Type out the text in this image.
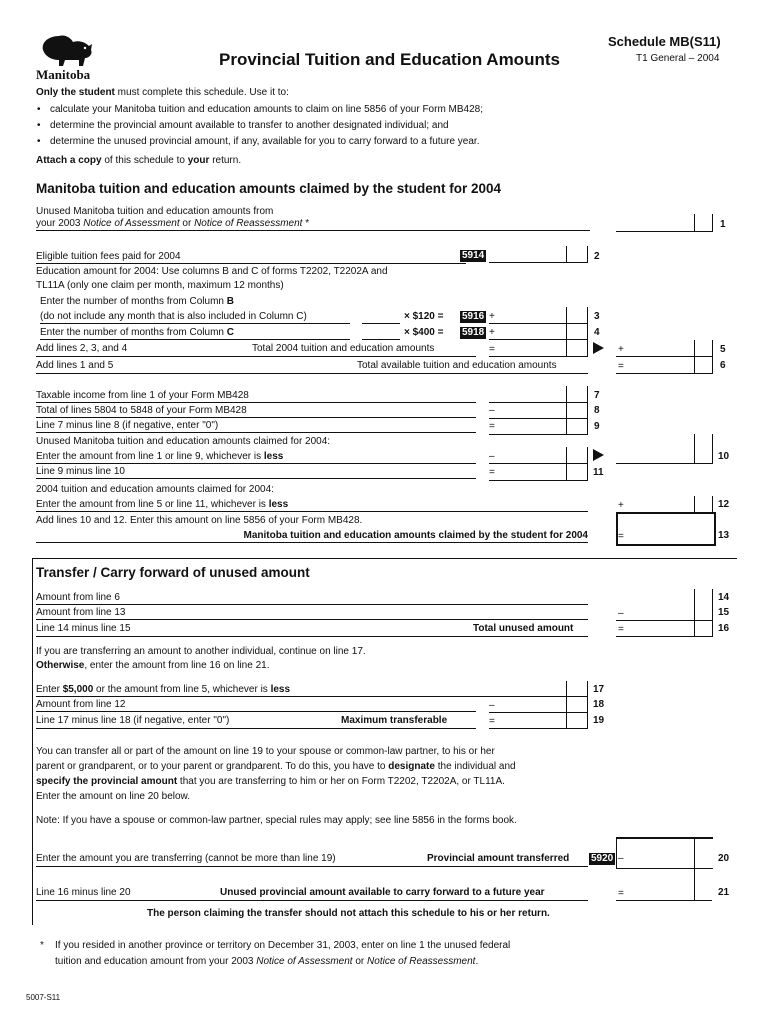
Manitoba
Provincial Tuition and Education Amounts
Schedule MB(S11)
T1 General – 2004
Only the student must complete this schedule. Use it to:
• calculate your Manitoba tuition and education amounts to claim on line 5856 of your Form MB428;
• determine the provincial amount available to transfer to another designated individual; and
• determine the unused provincial amount, if any, available for you to carry forward to a future year.
Attach a copy of this schedule to your return.
Manitoba tuition and education amounts claimed by the student for 2004
Unused Manitoba tuition and education amounts from
your 2003 Notice of Assessment or Notice of Reassessment *	1
Eligible tuition fees paid for 2004	5914	2
Education amount for 2004: Use columns B and C of forms T2202, T2202A and
TL11A (only one claim per month, maximum 12 months)
Enter the number of months from Column B
(do not include any month that is also included in Column C)	× $120 = 5916 +	3
Enter the number of months from Column C	× $400 = 5918 +	4
Add lines 2, 3, and 4	Total 2004 tuition and education amounts	=	+	5
Add lines 1 and 5	Total available tuition and education amounts	=	6
Taxable income from line 1 of your Form MB428	7
Total of lines 5804 to 5848 of your Form MB428	–	8
Line 7 minus line 8 (if negative, enter "0")	=	9
Unused Manitoba tuition and education amounts claimed for 2004:
Enter the amount from line 1 or line 9, whichever is less	–	10
Line 9 minus line 10	=	11
2004 tuition and education amounts claimed for 2004:
Enter the amount from line 5 or line 11, whichever is less	+	12
Add lines 10 and 12. Enter this amount on line 5856 of your Form MB428.
Manitoba tuition and education amounts claimed by the student for 2004	=	13
Transfer / Carry forward of unused amount
Amount from line 6	14
Amount from line 13	–	15
Line 14 minus line 15	Total unused amount	=	16
If you are transferring an amount to another individual, continue on line 17.
Otherwise, enter the amount from line 16 on line 21.
Enter $5,000 or the amount from line 5, whichever is less	17
Amount from line 12	–	18
Line 17 minus line 18 (if negative, enter "0")	Maximum transferable	=	19
You can transfer all or part of the amount on line 19 to your spouse or common-law partner, to his or her
parent or grandparent, or to your parent or grandparent. To do this, you have to designate the individual and
specify the provincial amount that you are transferring to him or her on Form T2202, T2202A, or TL11A.
Enter the amount on line 20 below.
Note: If you have a spouse or common-law partner, special rules may apply; see line 5856 in the forms book.
Enter the amount you are transferring (cannot be more than line 19)	Provincial amount transferred 5920 –	20
Line 16 minus line 20	Unused provincial amount available to carry forward to a future year	=	21
The person claiming the transfer should not attach this schedule to his or her return.
* If you resided in another province or territory on December 31, 2003, enter on line 1 the unused federal
tuition and education amount from your 2003 Notice of Assessment or Notice of Reassessment.
5007-S11
